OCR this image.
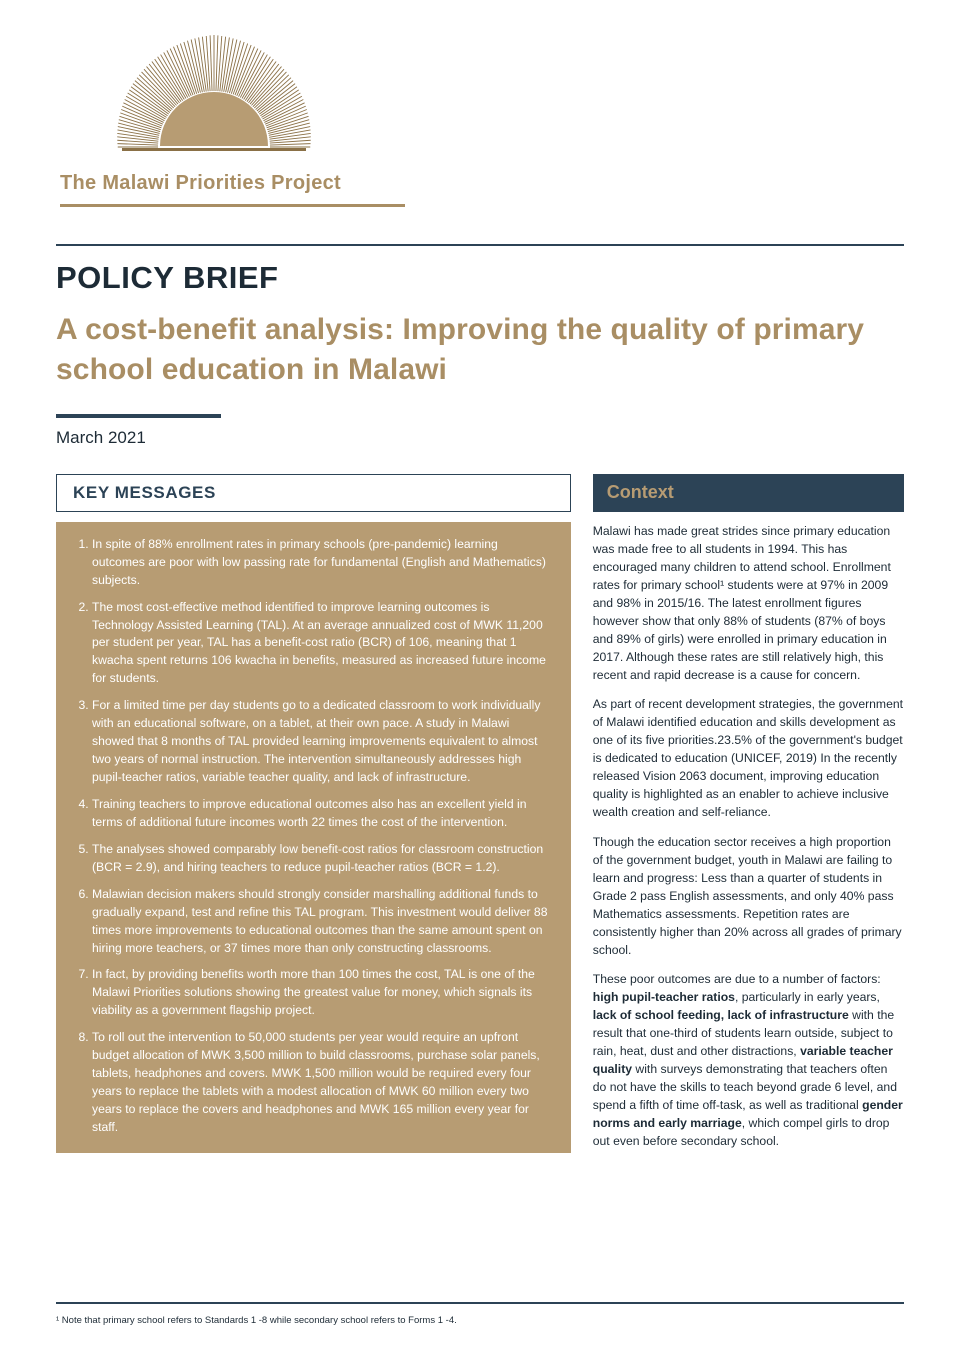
The Malawi Priorities Project
POLICY BRIEF
A cost-benefit analysis: Improving the quality of primary school education in Malawi
March 2021
KEY MESSAGES
1. In spite of 88% enrollment rates in primary schools (pre-pandemic) learning outcomes are poor with low passing rate for fundamental (English and Mathematics) subjects.
2. The most cost-effective method identified to improve learning outcomes is Technology Assisted Learning (TAL). At an average annualized cost of MWK 11,200 per student per year, TAL has a benefit-cost ratio (BCR) of 106, meaning that 1 kwacha spent returns 106 kwacha in benefits, measured as increased future income for students.
3. For a limited time per day students go to a dedicated classroom to work individually with an educational software, on a tablet, at their own pace. A study in Malawi showed that 8 months of TAL provided learning improvements equivalent to almost two years of normal instruction. The intervention simultaneously addresses high pupil-teacher ratios, variable teacher quality, and lack of infrastructure.
4. Training teachers to improve educational outcomes also has an excellent yield in terms of additional future incomes worth 22 times the cost of the intervention.
5. The analyses showed comparably low benefit-cost ratios for classroom construction (BCR = 2.9), and hiring teachers to reduce pupil-teacher ratios (BCR = 1.2).
6. Malawian decision makers should strongly consider marshalling additional funds to gradually expand, test and refine this TAL program. This investment would deliver 88 times more improvements to educational outcomes than the same amount spent on hiring more teachers, or 37 times more than only constructing classrooms.
7. In fact, by providing benefits worth more than 100 times the cost, TAL is one of the Malawi Priorities solutions showing the greatest value for money, which signals its viability as a government flagship project.
8. To roll out the intervention to 50,000 students per year would require an upfront budget allocation of MWK 3,500 million to build classrooms, purchase solar panels, tablets, headphones and covers. MWK 1,500 million would be required every four years to replace the tablets with a modest allocation of MWK 60 million every two years to replace the covers and headphones and MWK 165 million every year for staff.
Context

Malawi has made great strides since primary education was made free to all students in 1994. This has encouraged many children to attend school. Enrollment rates for primary school¹ students were at 97% in 2009 and 98% in 2015/16. The latest enrollment figures however show that only 88% of students (87% of boys and 89% of girls) were enrolled in primary education in 2017. Although these rates are still relatively high, this recent and rapid decrease is a cause for concern.

As part of recent development strategies, the government of Malawi identified education and skills development as one of its five priorities.23.5% of the government's budget is dedicated to education (UNICEF, 2019) In the recently released Vision 2063 document, improving education quality is highlighted as an enabler to achieve inclusive wealth creation and self-reliance.

Though the education sector receives a high proportion of the government budget, youth in Malawi are failing to learn and progress: Less than a quarter of students in Grade 2 pass English assessments, and only 40% pass Mathematics assessments. Repetition rates are consistently higher than 20% across all grades of primary school.

These poor outcomes are due to a number of factors: high pupil-teacher ratios, particularly in early years, lack of school feeding, lack of infrastructure with the result that one-third of students learn outside, subject to rain, heat, dust and other distractions, variable teacher quality with surveys demonstrating that teachers often do not have the skills to teach beyond grade 6 level, and spend a fifth of time off-task, as well as traditional gender norms and early marriage, which compel girls to drop out even before secondary school.

¹ Note that primary school refers to Standards 1 -8 while secondary school refers to Forms 1 -4.
